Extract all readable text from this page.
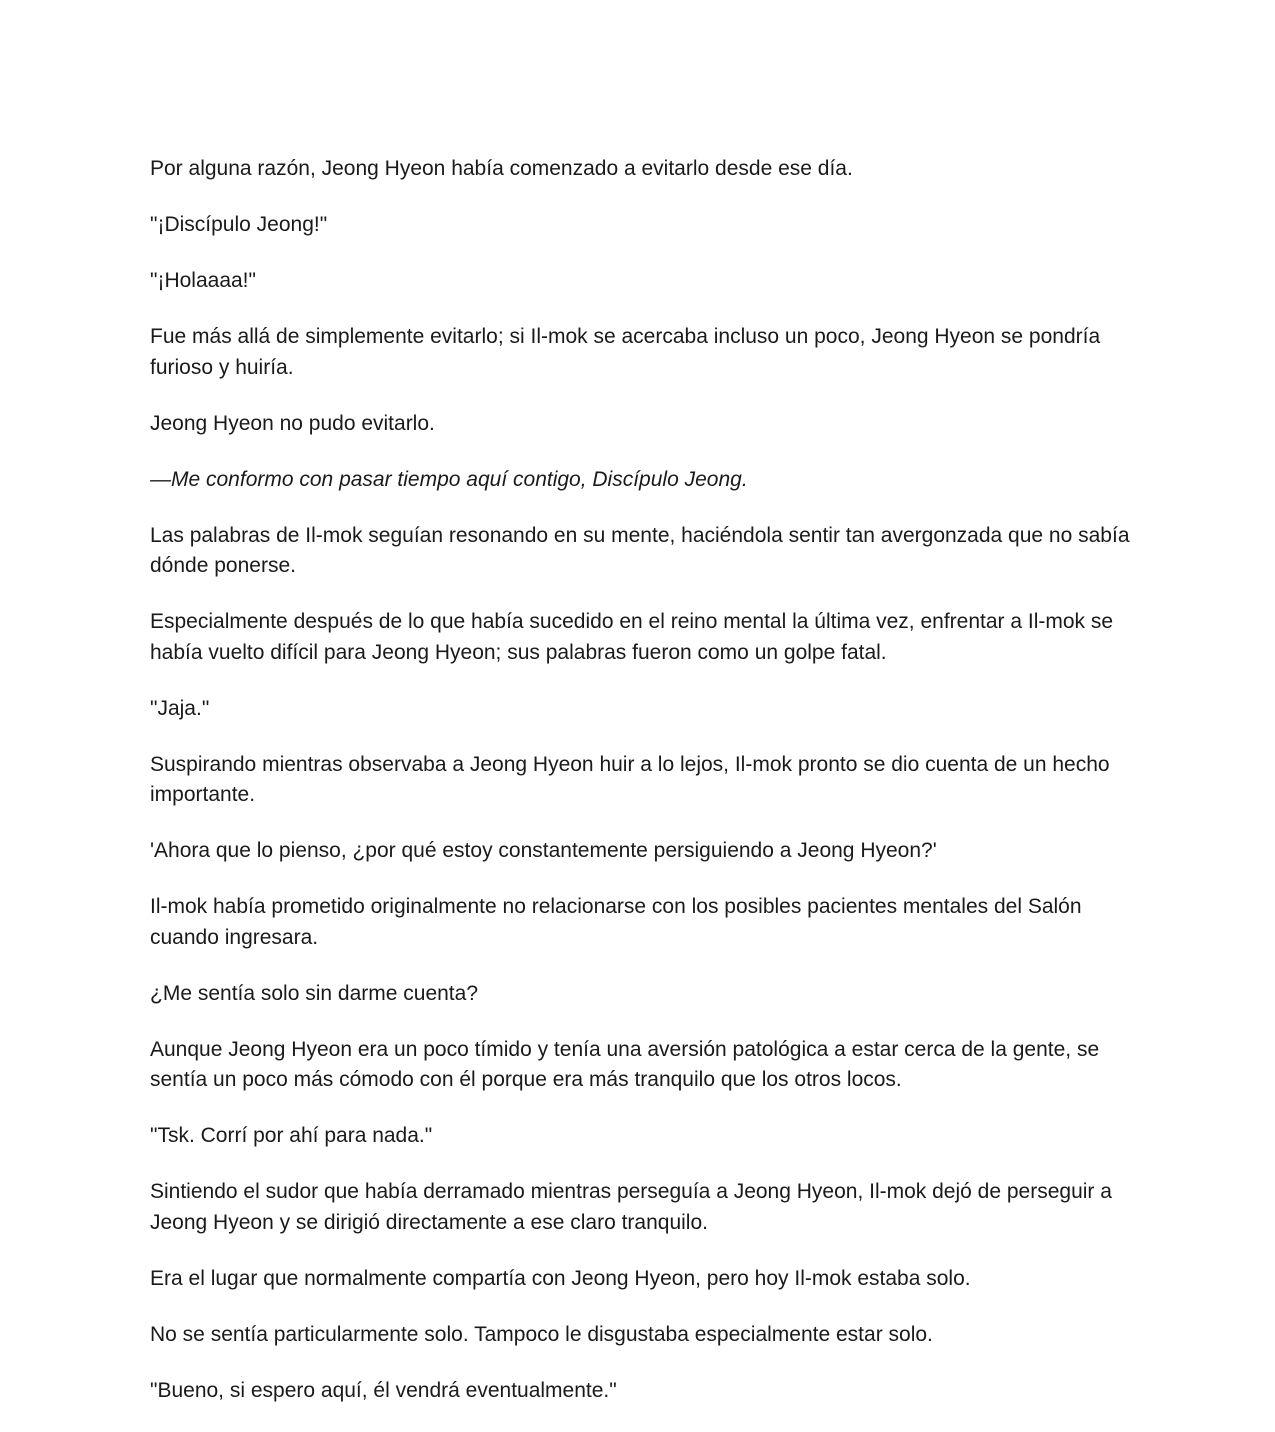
Por alguna razón, Jeong Hyeon había comenzado a evitarlo desde ese día.

"¡Discípulo Jeong!"

"¡Holaaaa!"

Fue más allá de simplemente evitarlo; si Il-mok se acercaba incluso un poco, Jeong Hyeon se pondría furioso y huiría.

Jeong Hyeon no pudo evitarlo.

—Me conformo con pasar tiempo aquí contigo, Discípulo Jeong.

Las palabras de Il-mok seguían resonando en su mente, haciéndola sentir tan avergonzada que no sabía dónde ponerse.

Especialmente después de lo que había sucedido en el reino mental la última vez, enfrentar a Il-mok se había vuelto difícil para Jeong Hyeon; sus palabras fueron como un golpe fatal.

"Jaja."

Suspirando mientras observaba a Jeong Hyeon huir a lo lejos, Il-mok pronto se dio cuenta de un hecho importante.

'Ahora que lo pienso, ¿por qué estoy constantemente persiguiendo a Jeong Hyeon?'

Il-mok había prometido originalmente no relacionarse con los posibles pacientes mentales del Salón cuando ingresara.

¿Me sentía solo sin darme cuenta?

Aunque Jeong Hyeon era un poco tímido y tenía una aversión patológica a estar cerca de la gente, se sentía un poco más cómodo con él porque era más tranquilo que los otros locos.

"Tsk. Corrí por ahí para nada."

Sintiendo el sudor que había derramado mientras perseguía a Jeong Hyeon, Il-mok dejó de perseguir a Jeong Hyeon y se dirigió directamente a ese claro tranquilo.

Era el lugar que normalmente compartía con Jeong Hyeon, pero hoy Il-mok estaba solo.

No se sentía particularmente solo. Tampoco le disgustaba especialmente estar solo.

"Bueno, si espero aquí, él vendrá eventualmente."
